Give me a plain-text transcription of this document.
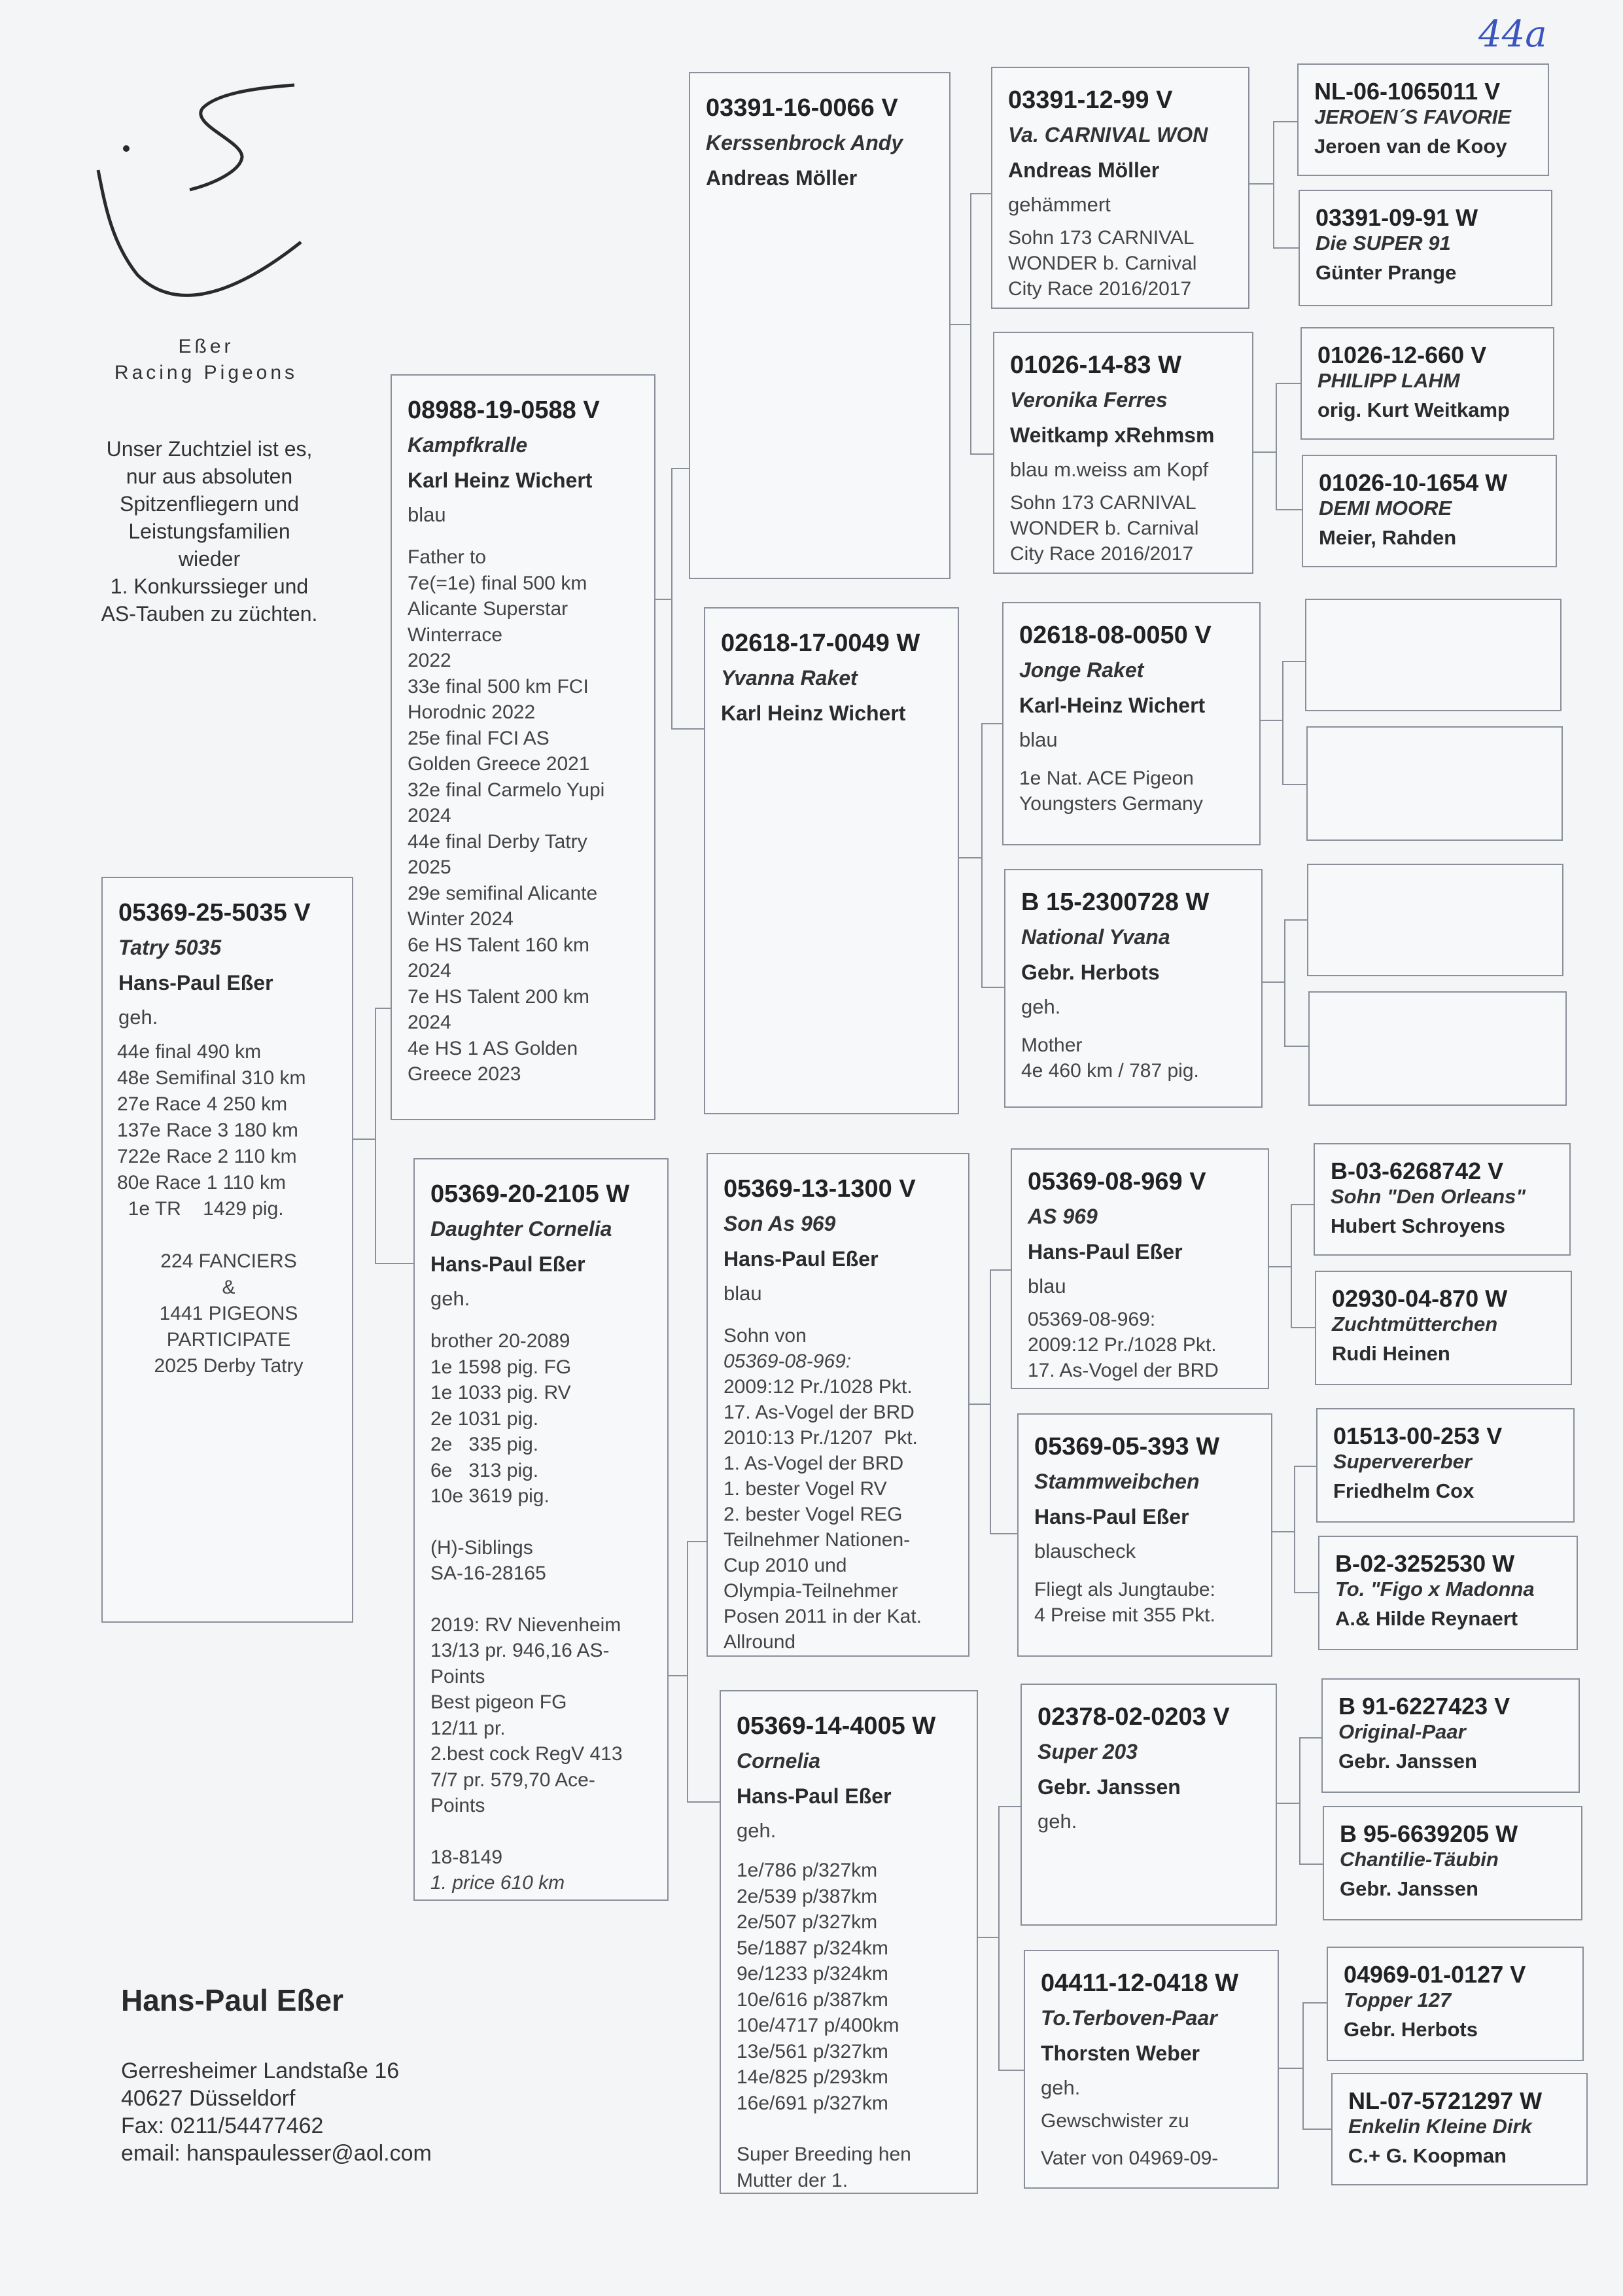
44a
Eßer
Racing Pigeons
Unser Zuchtziel ist es,
nur aus absoluten
Spitzenfliegern und
Leistungsfamilien
wieder
1. Konkurssieger und
AS-Tauben zu züchten.
05369-25-5035 V
Tatry 5035
Hans-Paul Eßer
geh.
44e final 490 km
48e Semifinal 310 km
27e Race 4 250 km
137e Race 3 180 km
722e Race 2 110 km
80e Race 1 110 km
1e TR    1429 pig.
224 FANCIERS
&
1441 PIGEONS
PARTICIPATE
2025 Derby Tatry
08988-19-0588 V
Kampfkralle
Karl Heinz Wichert
blau
Father to
7e(=1e) final 500 km
Alicante Superstar
Winterrace
2022
33e final 500 km FCI
Horodnic 2022
25e final FCI AS
Golden Greece 2021
32e final Carmelo Yupi
2024
44e final Derby Tatry
2025
29e semifinal Alicante
Winter 2024
6e HS Talent 160 km
2024
7e HS Talent 200 km
2024
4e HS 1 AS Golden
Greece 2023
05369-20-2105 W
Daughter Cornelia
Hans-Paul Eßer
geh.
brother 20-2089
1e 1598 pig. FG
1e 1033 pig. RV
2e 1031 pig.
2e   335 pig.
6e   313 pig.
10e 3619 pig.
(H)-Siblings
SA-16-28165
2019: RV Nievenheim
13/13 pr. 946,16 AS-
Points
Best pigeon FG
12/11 pr.
2.best cock RegV 413
7/7 pr. 579,70 Ace-
Points
18-8149
1. price 610 km
03391-16-0066 V
Kerssenbrock Andy
Andreas Möller
02618-17-0049 W
Yvanna Raket
Karl Heinz Wichert
05369-13-1300 V
Son As 969
Hans-Paul Eßer
blau
Sohn von
05369-08-969:
2009:12 Pr./1028 Pkt.
17. As-Vogel der BRD
2010:13 Pr./1207  Pkt.
1. As-Vogel der BRD
1. bester Vogel RV
2. bester Vogel REG
Teilnehmer Nationen-
Cup 2010 und
Olympia-Teilnehmer
Posen 2011 in der Kat.
Allround
05369-14-4005 W
Cornelia
Hans-Paul Eßer
geh.
1e/786 p/327km
2e/539 p/387km
2e/507 p/327km
5e/1887 p/324km
9e/1233 p/324km
10e/616 p/387km
10e/4717 p/400km
13e/561 p/327km
14e/825 p/293km
16e/691 p/327km
Super Breeding hen
Mutter der 1.
03391-12-99 V
Va. CARNIVAL WON
Andreas Möller
gehämmert
Sohn 173 CARNIVAL
WONDER b. Carnival
City Race 2016/2017
01026-14-83 W
Veronika Ferres
Weitkamp xRehmsm
blau m.weiss am Kopf
Sohn 173 CARNIVAL
WONDER b. Carnival
City Race 2016/2017
02618-08-0050 V
Jonge Raket
Karl-Heinz Wichert
blau
1e Nat. ACE Pigeon
Youngsters Germany
B 15-2300728 W
National Yvana
Gebr. Herbots
geh.
Mother
4e 460 km / 787 pig.
05369-08-969 V
AS 969
Hans-Paul Eßer
blau
05369-08-969:
2009:12 Pr./1028 Pkt.
17. As-Vogel der BRD
05369-05-393 W
Stammweibchen
Hans-Paul Eßer
blauscheck
Fliegt als Jungtaube:
4 Preise mit 355 Pkt.
02378-02-0203 V
Super 203
Gebr. Janssen
geh.
04411-12-0418 W
To.Terboven-Paar
Thorsten Weber
geh.
Gewschwister zu
Vater von 04969-09-
NL-06-1065011 V
JEROEN´S FAVORIE
Jeroen van de Kooy
03391-09-91 W
Die SUPER 91
Günter Prange
01026-12-660 V
PHILIPP LAHM
orig. Kurt Weitkamp
01026-10-1654 W
DEMI MOORE
Meier, Rahden
B-03-6268742 V
Sohn "Den Orleans"
Hubert Schroyens
02930-04-870 W
Zuchtmütterchen
Rudi Heinen
01513-00-253 V
Supervererber
Friedhelm Cox
B-02-3252530 W
To. "Figo x Madonna
A.& Hilde Reynaert
B 91-6227423 V
Original-Paar
Gebr. Janssen
B 95-6639205 W
Chantilie-Täubin
Gebr. Janssen
04969-01-0127 V
Topper 127
Gebr. Herbots
NL-07-5721297 W
Enkelin Kleine Dirk
C.+ G. Koopman
Hans-Paul Eßer
Gerresheimer Landstaße 16
40627 Düsseldorf
Fax: 0211/54477462
email: hanspaulesser@aol.com
